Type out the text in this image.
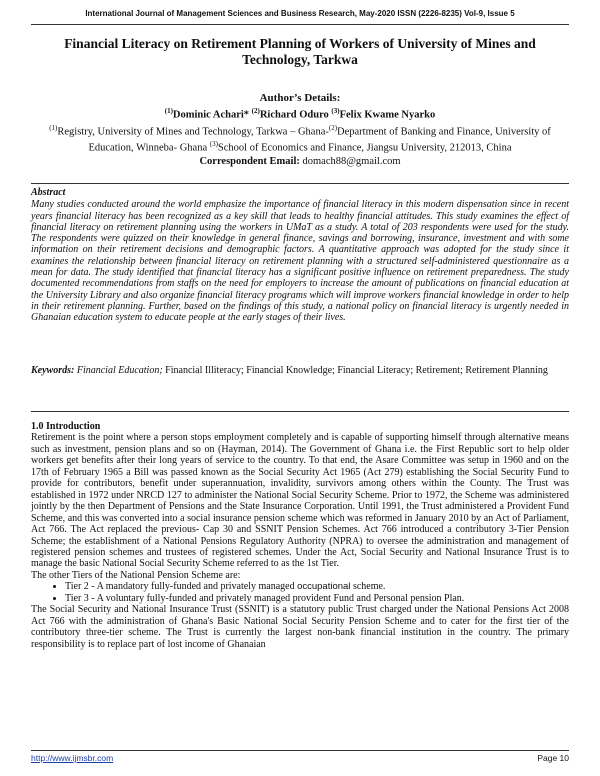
International Journal of Management Sciences and Business Research, May-2020 ISSN (2226-8235) Vol-9, Issue 5
Financial Literacy on Retirement Planning of Workers of University of Mines and Technology, Tarkwa
Author’s Details:
$^{(1)}$Dominic Achari* $^{(2)}$Richard Oduro $^{(3)}$Felix Kwame Nyarko
$^{(1)}$Registry, University of Mines and Technology, Tarkwa – Ghana-$^{(2)}$Department of Banking and Finance, University of Education, Winneba- Ghana $^{(3)}$School of Economics and Finance, Jiangsu University, 212013, China
Correspondent Email: domach88@gmail.com
Abstract
Many studies conducted around the world emphasize the importance of financial literacy in this modern dispensation since in recent years financial literacy has been recognized as a key skill that leads to healthy financial attitudes. This study examines the effect of financial literacy on retirement planning using the workers in UMaT as a study. A total of 203 respondents were used for the study. The respondents were quizzed on their knowledge in general finance, savings and borrowing, insurance, investment and with some information on their retirement decisions and demographic factors. A quantitative approach was adopted for the study since it examines the relationship between financial literacy on retirement planning with a structured self-administered questionnaire as a mean for data. The study identified that financial literacy has a significant positive influence on retirement preparedness. The study documented recommendations from staffs on the need for employers to increase the amount of publications on financial education at the University Library and also organize financial literacy programs which will improve workers financial knowledge in order to help in their retirement planning. Further, based on the findings of this study, a national policy on financial literacy is urgently needed in Ghanaian education system to educate people at the early stages of their lives.
Keywords: Financial Education; Financial Illiteracy; Financial Knowledge; Financial Literacy; Retirement; Retirement Planning
1.0 Introduction

Retirement is the point where a person stops employment completely and is capable of supporting himself through alternative means such as investment, pension plans and so on (Hayman, 2014). The Government of Ghana i.e. the First Republic sort to help older workers get benefits after their long years of service to the country. To that end, the Asare Committee was setup in 1960 and on the 17th of February 1965 a Bill was passed known as the Social Security Act 1965 (Act 279) establishing the Social Security Fund to provide for contributors, benefit under superannuation, invalidity, survivors among others within the County. The Trust was established in 1972 under NRCD 127 to administer the National Social Security Scheme. Prior to 1972, the Scheme was administered jointly by the then Department of Pensions and the State Insurance Corporation. Until 1991, the Trust administered a Provident Fund Scheme, and this was converted into a social insurance pension scheme which was reformed in January 2010 by an Act of Parliament, Act 766. The Act replaced the previous- Cap 30 and SSNIT Pension Schemes. Act 766 introduced a contributory 3-Tier Pension Scheme; the establishment of a National Pensions Regulatory Authority (NPRA) to oversee the administration and management of registered pension schemes and trustees of registered schemes. Under the Act, Social Security and National Insurance Trust is to manage the basic National Social Security Scheme referred to as the 1st Tier.

The other Tiers of the National Pension Scheme are:

• Tier 2 - A mandatory fully-funded and privately managed occupational scheme.
• Tier 3 - A voluntary fully-funded and privately managed provident Fund and Personal pension Plan.

The Social Security and National Insurance Trust (SSNIT) is a statutory public Trust charged under the National Pensions Act 2008 Act 766 with the administration of Ghana's Basic National Social Security Pension Scheme and to cater for the first tier of the contributory three-tier scheme. The Trust is currently the largest non-bank financial institution in the country. The primary responsibility is to replace part of lost income of Ghanaian

http://www.ijmsbr.com	Page 10
